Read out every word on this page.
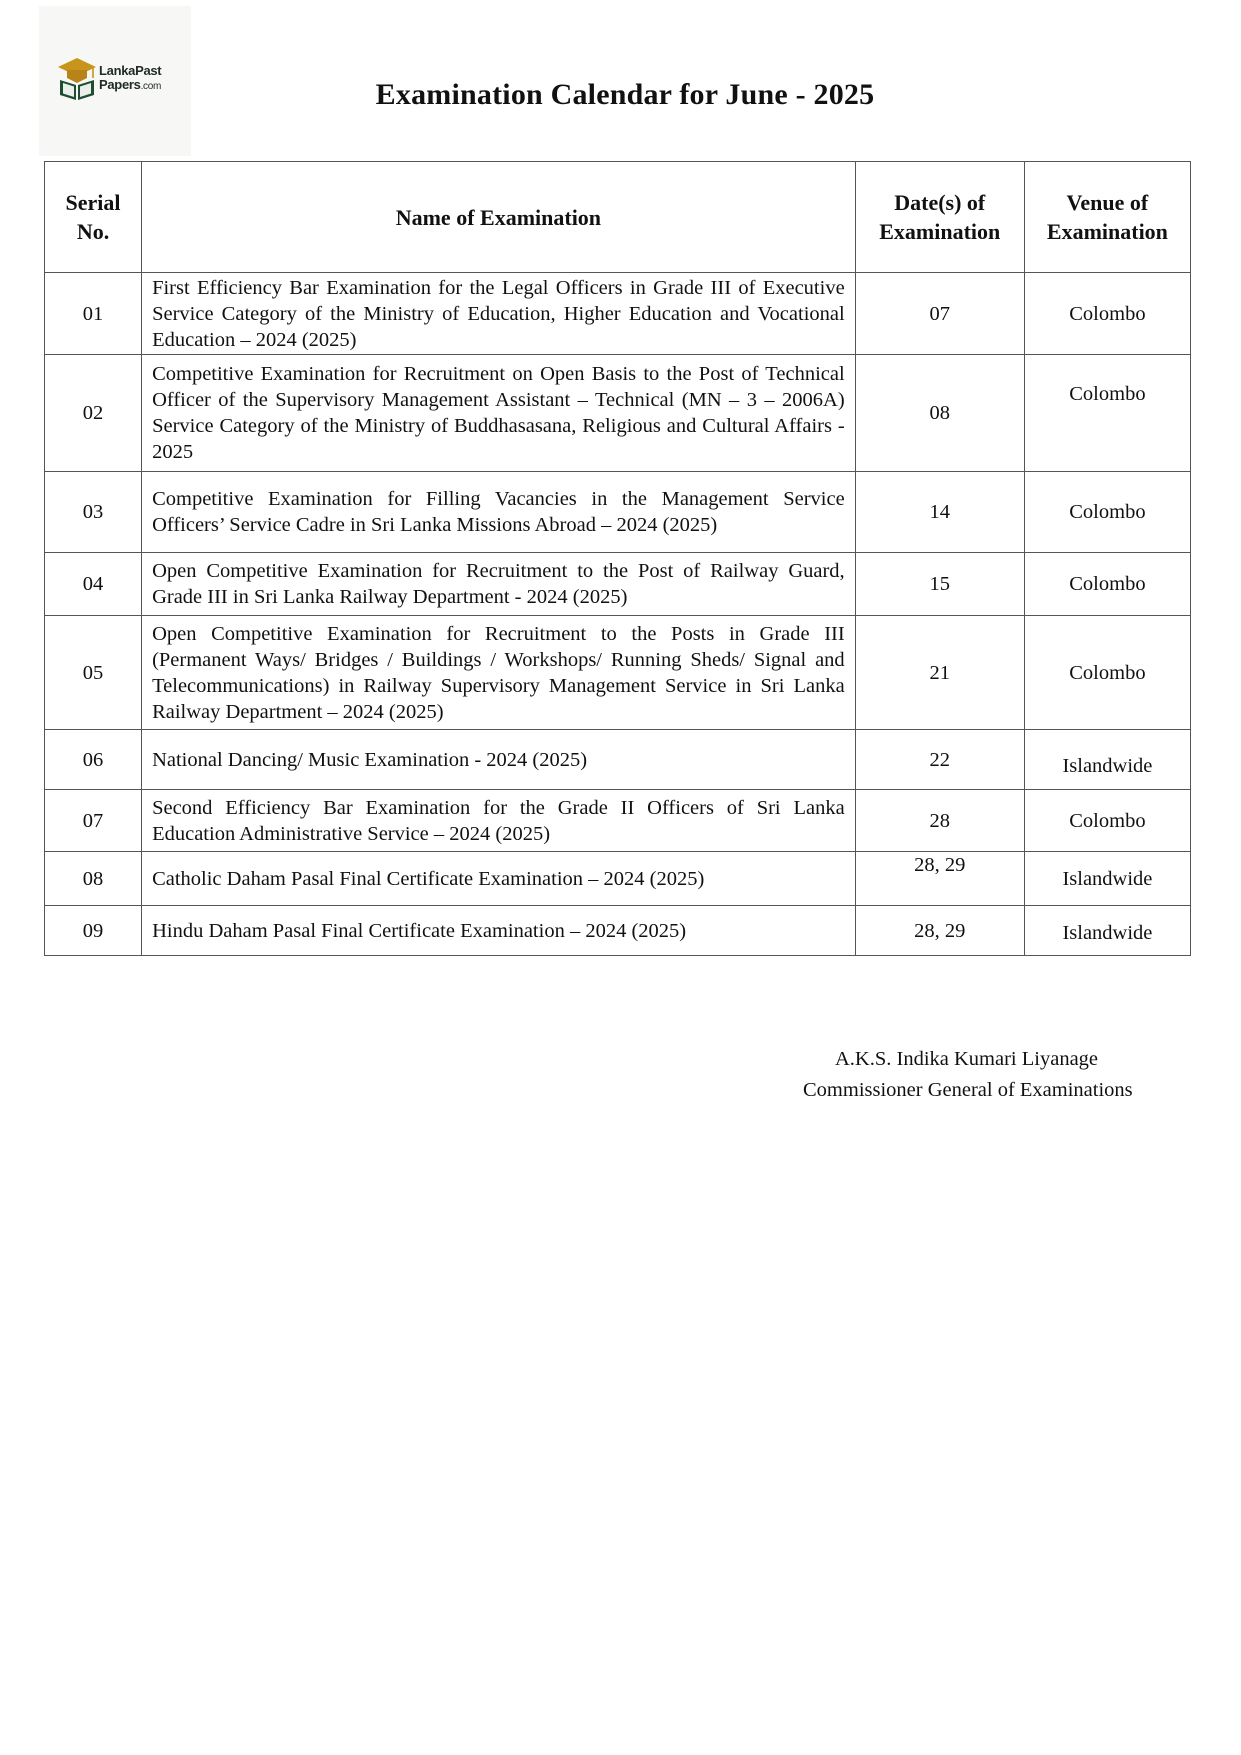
LankaPast
Papers.com	Examination Calendar for June - 2025
Serial No.	Name of Examination	Date(s) of Examination	Venue of Examination

01	First Efficiency Bar Examination for the Legal Officers in Grade III of Executive Service Category of the Ministry of Education, Higher Education and Vocational Education – 2024 (2025)	07	Colombo
02	Competitive Examination for Recruitment on Open Basis to the Post of Technical Officer of the Supervisory Management Assistant – Technical (MN – 3 – 2006A) Service Category of the Ministry of Buddhasasana, Religious and Cultural Affairs - 2025	08	Colombo
03	Competitive Examination for Filling Vacancies in the Management Service Officers’ Service Cadre in Sri Lanka Missions Abroad – 2024 (2025)	14	Colombo
04	Open Competitive Examination for Recruitment to the Post of Railway Guard, Grade III in Sri Lanka Railway Department - 2024 (2025)	15	Colombo
05	Open Competitive Examination for Recruitment to the Posts in Grade III (Permanent Ways/ Bridges / Buildings / Workshops/ Running Sheds/ Signal and Telecommunications) in Railway Supervisory Management Service in Sri Lanka Railway Department – 2024 (2025)	21	Colombo
06	National Dancing/ Music Examination - 2024 (2025)	22	Islandwide
07	Second Efficiency Bar Examination for the Grade II Officers of Sri Lanka Education Administrative Service – 2024 (2025)	28	Colombo
08	Catholic Daham Pasal Final Certificate Examination – 2024 (2025)	28, 29	Islandwide
09	Hindu Daham Pasal Final Certificate Examination – 2024 (2025)	28, 29	Islandwide
A.K.S. Indika Kumari Liyanage
Commissioner General of Examinations
